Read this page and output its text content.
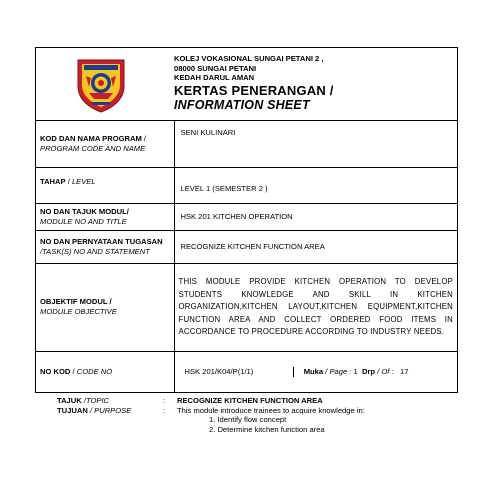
KOLEJ VOKASIONAL SUNGAI PETANI 2 ,
08000 SUNGAI PETANI
KEDAH DARUL AMAN
KERTAS PENERANGAN /
INFORMATION SHEET
KOD DAN NAMA PROGRAM / PROGRAM CODE AND NAME	SENI KULINARI
TAHAP / LEVEL	LEVEL 1 (SEMESTER 2 )
NO DAN TAJUK MODUL/
MODULE NO AND TITLE	HSK 201 KITCHEN OPERATION
NO DAN PERNYATAAN TUGASAN /TASK(S) NO AND STATEMENT	RECOGNIZE KITCHEN FUNCTION AREA
OBJEKTIF MODUL /
MODULE OBJECTIVE	THIS MODULE PROVIDE KITCHEN OPERATION TO DEVELOP STUDENTS KNOWLEDGE AND SKILL IN KITCHEN ORGANIZATION,KITCHEN LAYOUT,KITCHEN EQUIPMENT,KITCHEN FUNCTION AREA AND COLLECT ORDERED FOOD ITEMS IN ACCORDANCE TO PROCEDURE ACCORDING TO INDUSTRY NEEDS.
NO KOD / CODE NO	HSK 201/K04/P(1/1) Muka / Page : 1 Drp / Of :   17
TAJUK /TOPIC	:	RECOGNIZE KITCHEN FUNCTION AREA
TUJUAN / PURPOSE	:	This module introduce trainees to acquire knowledge in:
1. Identify flow concept
2. Determine kitchen function area
